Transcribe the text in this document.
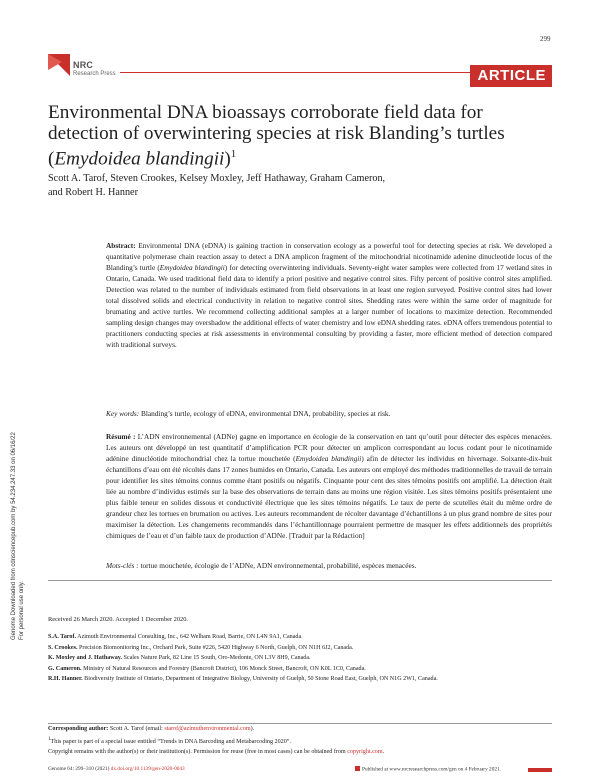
299
NRC
Research Press	ARTICLE
Environmental DNA bioassays corroborate field data for detection of overwintering species at risk Blanding’s turtles (Emydoidea blandingii)$^1$
Scott A. Tarof, Steven Crookes, Kelsey Moxley, Jeff Hathaway, Graham Cameron,
and Robert H. Hanner
Genome Downloaded from cdnsciencepub.com by 54.234.247.33 on 06/16/22 For personal use only.
Abstract: Environmental DNA (eDNA) is gaining traction in conservation ecology as a powerful tool for detecting species at risk. We developed a quantitative polymerase chain reaction assay to detect a DNA amplicon fragment of the mitochondrial nicotinamide adenine dinucleotide locus of the Blanding’s turtle (Emydoidea blandingii) for detecting overwintering individuals. Seventy-eight water samples were collected from 17 wetland sites in Ontario, Canada. We used traditional field data to identify a priori positive and negative control sites. Fifty percent of positive control sites amplified. Detection was related to the number of individuals estimated from field observations in at least one region surveyed. Positive control sites had lower total dissolved solids and electrical conductivity in relation to negative control sites. Shedding rates were within the same order of magnitude for brumating and active turtles. We recommend collecting additional samples at a larger number of locations to maximize detection. Recommended sampling design changes may overshadow the additional effects of water chemistry and low eDNA shedding rates. eDNA offers tremendous potential to practitioners conducting species at risk assessments in environmental consulting by providing a faster, more efficient method of detection compared with traditional surveys.
Key words: Blanding’s turtle, ecology of eDNA, environmental DNA, probability, species at risk.
Résumé : L’ADN environnemental (ADNe) gagne en importance en écologie de la conservation en tant qu’outil pour détecter des espèces menacées. Les auteurs ont développé un test quantitatif d’amplification PCR pour détecter un amplicon correspondant au locus codant pour le nicotinamide adénine dinucléotide mitochondrial chez la tortue mouchetée (Emydoidea blandingii) afin de détecter les individus en hivernage. Soixante-dix-huit échantillons d’eau ont été récoltés dans 17 zones humides en Ontario, Canada. Les auteurs ont employé des méthodes traditionnelles de travail de terrain pour identifier les sites témoins connus comme étant positifs ou négatifs. Cinquante pour cent des sites témoins positifs ont amplifié. La détection était liée au nombre d’individus estimés sur la base des observations de terrain dans au moins une région visitée. Les sites témoins positifs présentaient une plus faible teneur en solides dissous et conductivité électrique que les sites témoins négatifs. Le taux de perte de scutelles était du même ordre de grandeur chez les tortues en brumation ou actives. Les auteurs recommandent de récolter davantage d’échantillons à un plus grand nombre de sites pour maximiser la détection. Les changements recommandés dans l’échantillonnage pourraient permettre de masquer les effets additionnels des propriétés chimiques de l’eau et d’un faible taux de production d’ADNe. [Traduit par la Rédaction]
Mots-clés : tortue mouchetée, écologie de l’ADNe, ADN environnemental, probabilité, espèces menacées.
Received 26 March 2020. Accepted 1 December 2020.
S.A. Tarof. Azimuth Environmental Consulting, Inc., 642 Welham Road, Barrie, ON L4N 9A1, Canada.
S. Crookes. Precision Biomonitoring Inc., Orchard Park, Suite #226, 5420 Highway 6 North, Guelph, ON N1H 6J2, Canada.
K. Moxley and J. Hathaway. Scales Nature Park, 82 Line 15 South, Oro-Medonte, ON L3V 8H9, Canada.
G. Cameron. Ministry of Natural Resources and Forestry (Bancroft District), 106 Monck Street, Bancroft, ON K0L 1C0, Canada.
R.H. Hanner. Biodiversity Institute of Ontario, Department of Integrative Biology, University of Guelph, 50 Stone Road East, Guelph, ON N1G 2W1, Canada.
Corresponding author: Scott A. Tarof (email: starof@azimuthenvironmental.com).
$^1$This paper is part of a special issue entitled “Trends in DNA Barcoding and Metabarcoding 2020”.
Copyright remains with the author(s) or their institution(s). Permission for reuse (free in most cases) can be obtained from copyright.com.
Genome 64: 299–310 (2021) dx.doi.org/10.1139/gen-2020-0043	Published at www.nrcresearchpress.com/gen on 4 February 2021.
